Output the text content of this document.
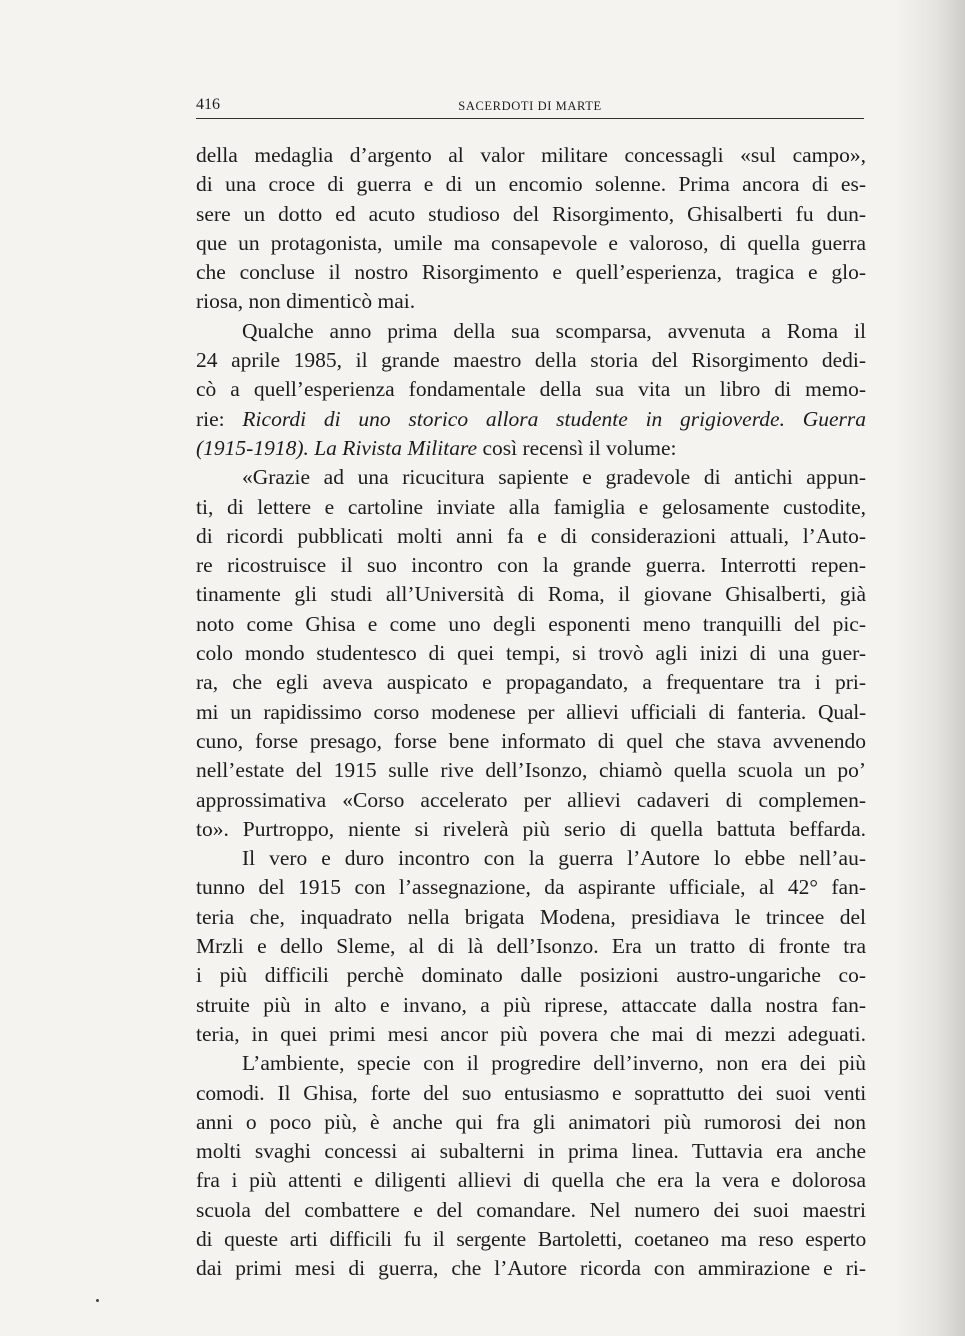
416	SACERDOTI DI MARTE
della medaglia d’argento al valor militare concessagli «sul campo»,
di una croce di guerra e di un encomio solenne. Prima ancora di es-
sere un dotto ed acuto studioso del Risorgimento, Ghisalberti fu dun-
que un protagonista, umile ma consapevole e valoroso, di quella guerra
che concluse il nostro Risorgimento e quell’esperienza, tragica e glo-
riosa, non dimenticò mai.
Qualche anno prima della sua scomparsa, avvenuta a Roma il
24 aprile 1985, il grande maestro della storia del Risorgimento dedi-
cò a quell’esperienza fondamentale della sua vita un libro di memo-
rie: Ricordi di uno storico allora studente in grigioverde. Guerra
(1915-1918). La Rivista Militare così recensì il volume:
«Grazie ad una ricucitura sapiente e gradevole di antichi appun-
ti, di lettere e cartoline inviate alla famiglia e gelosamente custodite,
di ricordi pubblicati molti anni fa e di considerazioni attuali, l’Auto-
re ricostruisce il suo incontro con la grande guerra. Interrotti repen-
tinamente gli studi all’Università di Roma, il giovane Ghisalberti, già
noto come Ghisa e come uno degli esponenti meno tranquilli del pic-
colo mondo studentesco di quei tempi, si trovò agli inizi di una guer-
ra, che egli aveva auspicato e propagandato, a frequentare tra i pri-
mi un rapidissimo corso modenese per allievi ufficiali di fanteria. Qual-
cuno, forse presago, forse bene informato di quel che stava avvenendo
nell’estate del 1915 sulle rive dell’Isonzo, chiamò quella scuola un po’
approssimativa «Corso accelerato per allievi cadaveri di complemen-
to». Purtroppo, niente si rivelerà più serio di quella battuta beffarda.
Il vero e duro incontro con la guerra l’Autore lo ebbe nell’au-
tunno del 1915 con l’assegnazione, da aspirante ufficiale, al 42° fan-
teria che, inquadrato nella brigata Modena, presidiava le trincee del
Mrzli e dello Sleme, al di là dell’Isonzo. Era un tratto di fronte tra
i più difficili perchè dominato dalle posizioni austro-ungariche co-
struite più in alto e invano, a più riprese, attaccate dalla nostra fan-
teria, in quei primi mesi ancor più povera che mai di mezzi adeguati.
L’ambiente, specie con il progredire dell’inverno, non era dei più
comodi. Il Ghisa, forte del suo entusiasmo e soprattutto dei suoi venti
anni o poco più, è anche qui fra gli animatori più rumorosi dei non
molti svaghi concessi ai subalterni in prima linea. Tuttavia era anche
fra i più attenti e diligenti allievi di quella che era la vera e dolorosa
scuola del combattere e del comandare. Nel numero dei suoi maestri
di queste arti difficili fu il sergente Bartoletti, coetaneo ma reso esperto
dai primi mesi di guerra, che l’Autore ricorda con ammirazione e ri-
